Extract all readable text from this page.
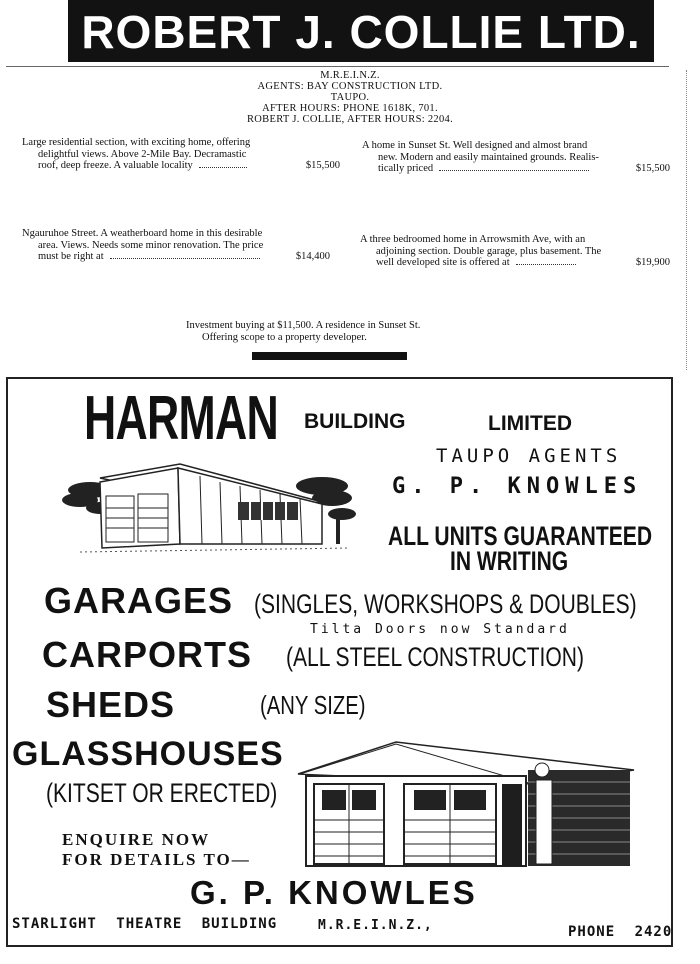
ROBERT J. COLLIE LTD.
M.R.E.I.N.Z.
AGENTS: BAY CONSTRUCTION LTD.
TAUPO.
AFTER HOURS: PHONE 1618K, 701.
ROBERT J. COLLIE, AFTER HOURS: 2204.
Large residential section, with exciting home, offering
delightful views. Above 2-Mile Bay. Decramastic
roof, deep freeze. A valuable locality	$15,500
A home in Sunset St. Well designed and almost brand
new. Modern and easily maintained grounds. Realis-
tically priced	$15,500
Ngauruhoe Street. A weatherboard home in this desirable
area. Views. Needs some minor renovation. The price
must be right at	$14,400
A three bedroomed home in Arrowsmith Ave, with an
adjoining section. Double garage, plus basement. The
well developed site is offered at	$19,900
Investment buying at $11,500. A residence in Sunset St.
Offering scope to a property developer.
HARMAN BUILDING	LIMITED
TAUPO AGENTS
G. P. KNOWLES
ALL UNITS GUARANTEED
IN WRITING
GARAGES (SINGLES, WORKSHOPS & DOUBLES)
Tilta Doors now Standard
CARPORTS (ALL STEEL CONSTRUCTION)
SHEDS	(ANY SIZE)
GLASSHOUSES
(KITSET OR ERECTED)
ENQUIRE NOW
FOR DETAILS TO—
G. P. KNOWLES
STARLIGHT THEATRE BUILDING	M.R.E.I.N.Z.,	PHONE 2420
